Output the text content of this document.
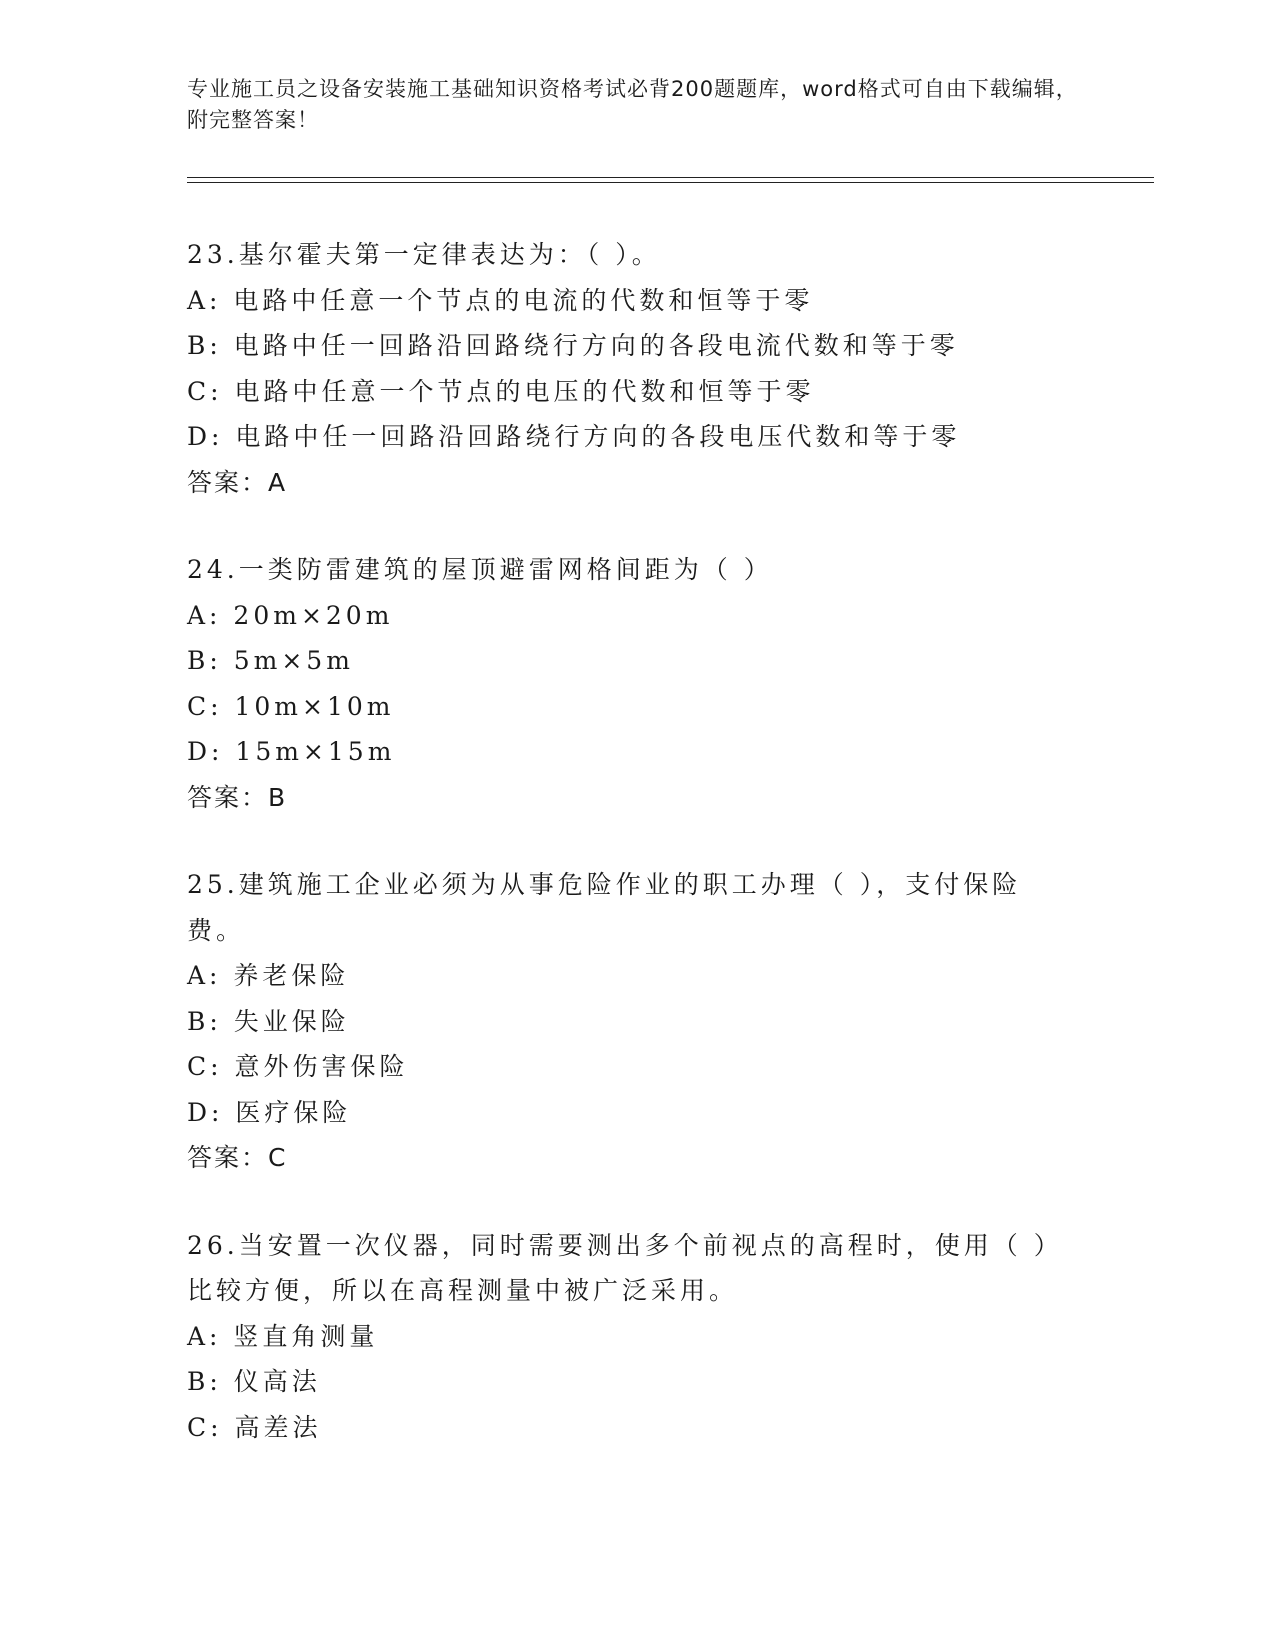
专业施工员之设备安装施工基础知识资格考试必背200题题库，word格式可自由下载编辑，附完整答案！

23.基尔霍夫第一定律表达为：（ ）。

A: 电路中任意一个节点的电流的代数和恒等于零

B: 电路中任一回路沿回路绕行方向的各段电流代数和等于零

C: 电路中任意一个节点的电压的代数和恒等于零

D: 电路中任一回路沿回路绕行方向的各段电压代数和等于零

答案：A

24.一类防雷建筑的屋顶避雷网格间距为（ ）

A: 20m×20m

B: 5m×5m

C: 10m×10m

D: 15m×15m

答案：B

25.建筑施工企业必须为从事危险作业的职工办理（ ），支付保险费。

A: 养老保险

B: 失业保险

C: 意外伤害保险

D: 医疗保险

答案：C

26.当安置一次仪器，同时需要测出多个前视点的高程时，使用（ ）比较方便，所以在高程测量中被广泛采用。

A: 竖直角测量

B: 仪高法

C: 高差法
